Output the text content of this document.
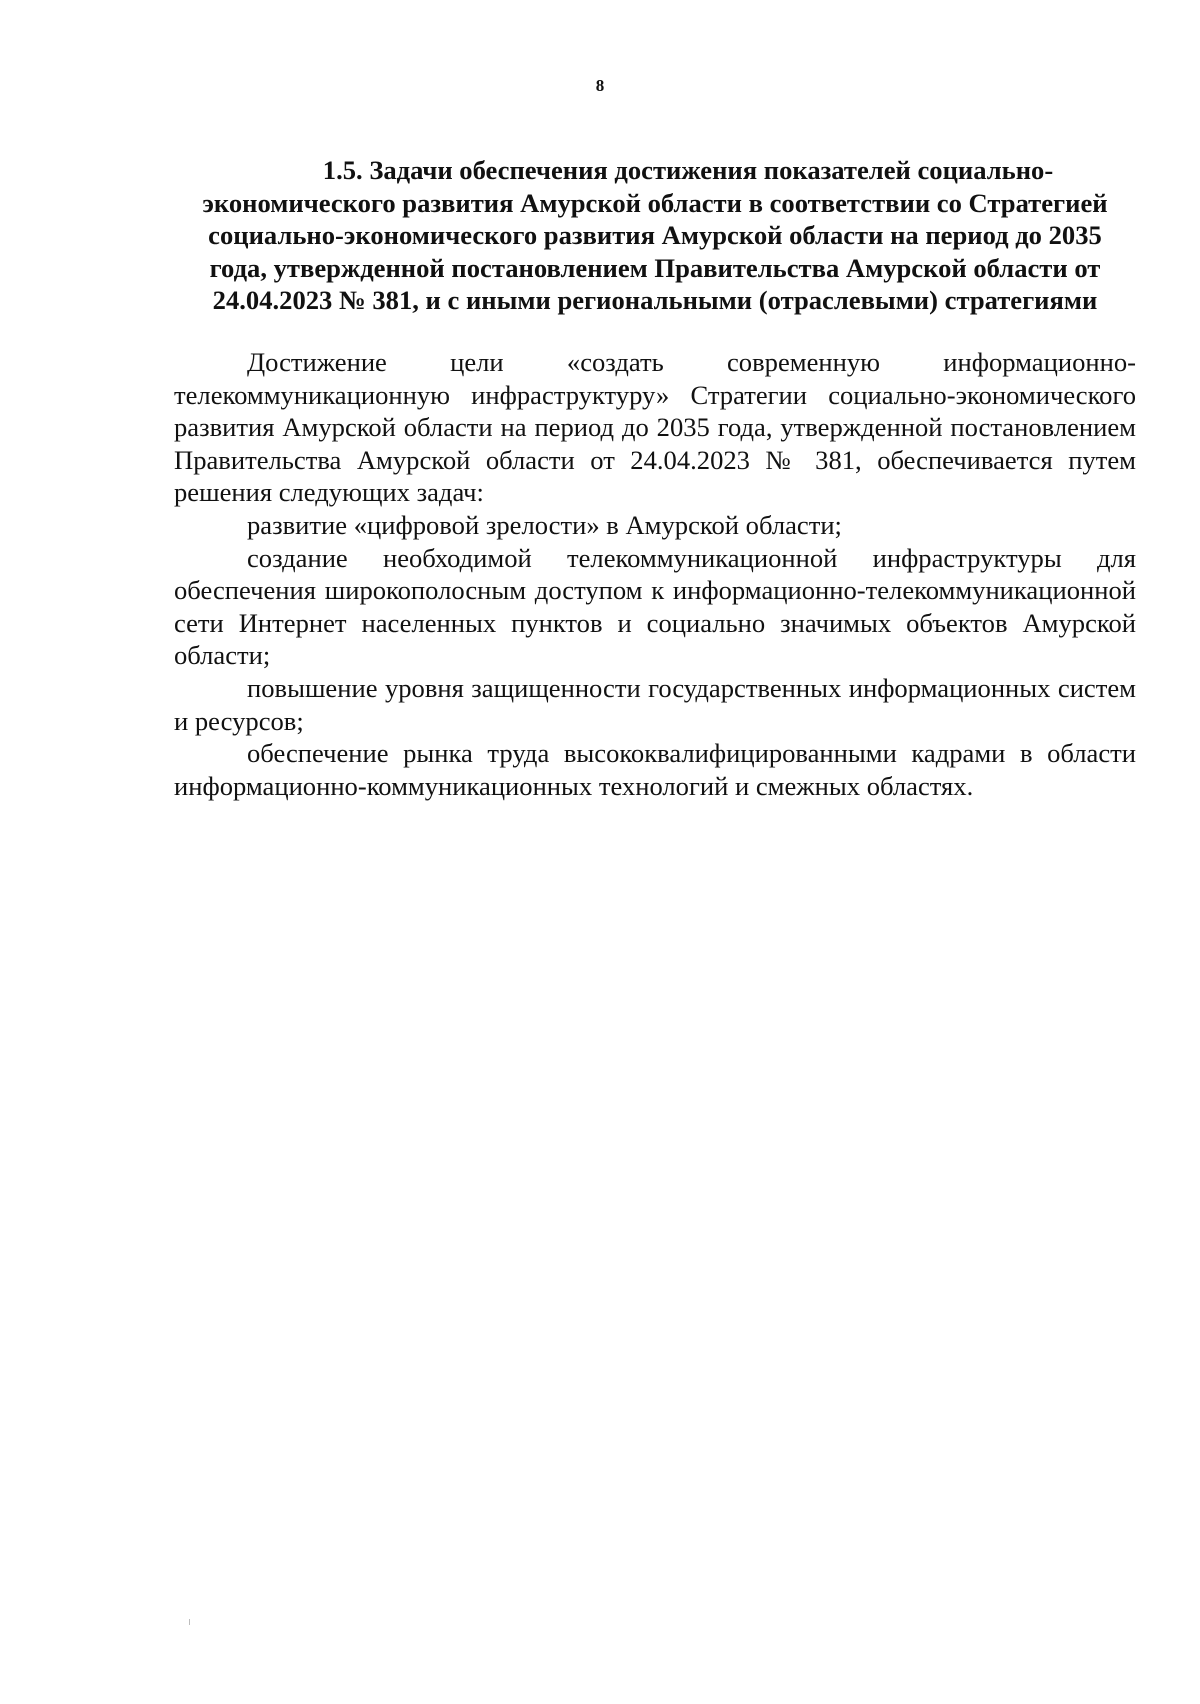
8
1.5. Задачи обеспечения достижения показателей социально-
экономического развития Амурской области в соответствии со Стратегией
социально-экономического развития Амурской области на период до 2035
года, утвержденной постановлением Правительства Амурской области от
24.04.2023 № 381, и с иными региональными (отраслевыми) стратегиями

Достижение цели «создать современную информационно-телекоммуникационную инфраструктуру» Стратегии социально-экономического развития Амурской области на период до 2035 года, утвержденной постановлением Правительства Амурской области от 24.04.2023 № 381, обеспечивается путем решения следующих задач:

развитие «цифровой зрелости» в Амурской области;

создание необходимой телекоммуникационной инфраструктуры для обеспечения широкополосным доступом к информационно-телекоммуникационной сети Интернет населенных пунктов и социально значимых объектов Амурской области;

повышение уровня защищенности государственных информационных систем и ресурсов;

обеспечение рынка труда высококвалифицированными кадрами в области информационно-коммуникационных технологий и смежных областях.
